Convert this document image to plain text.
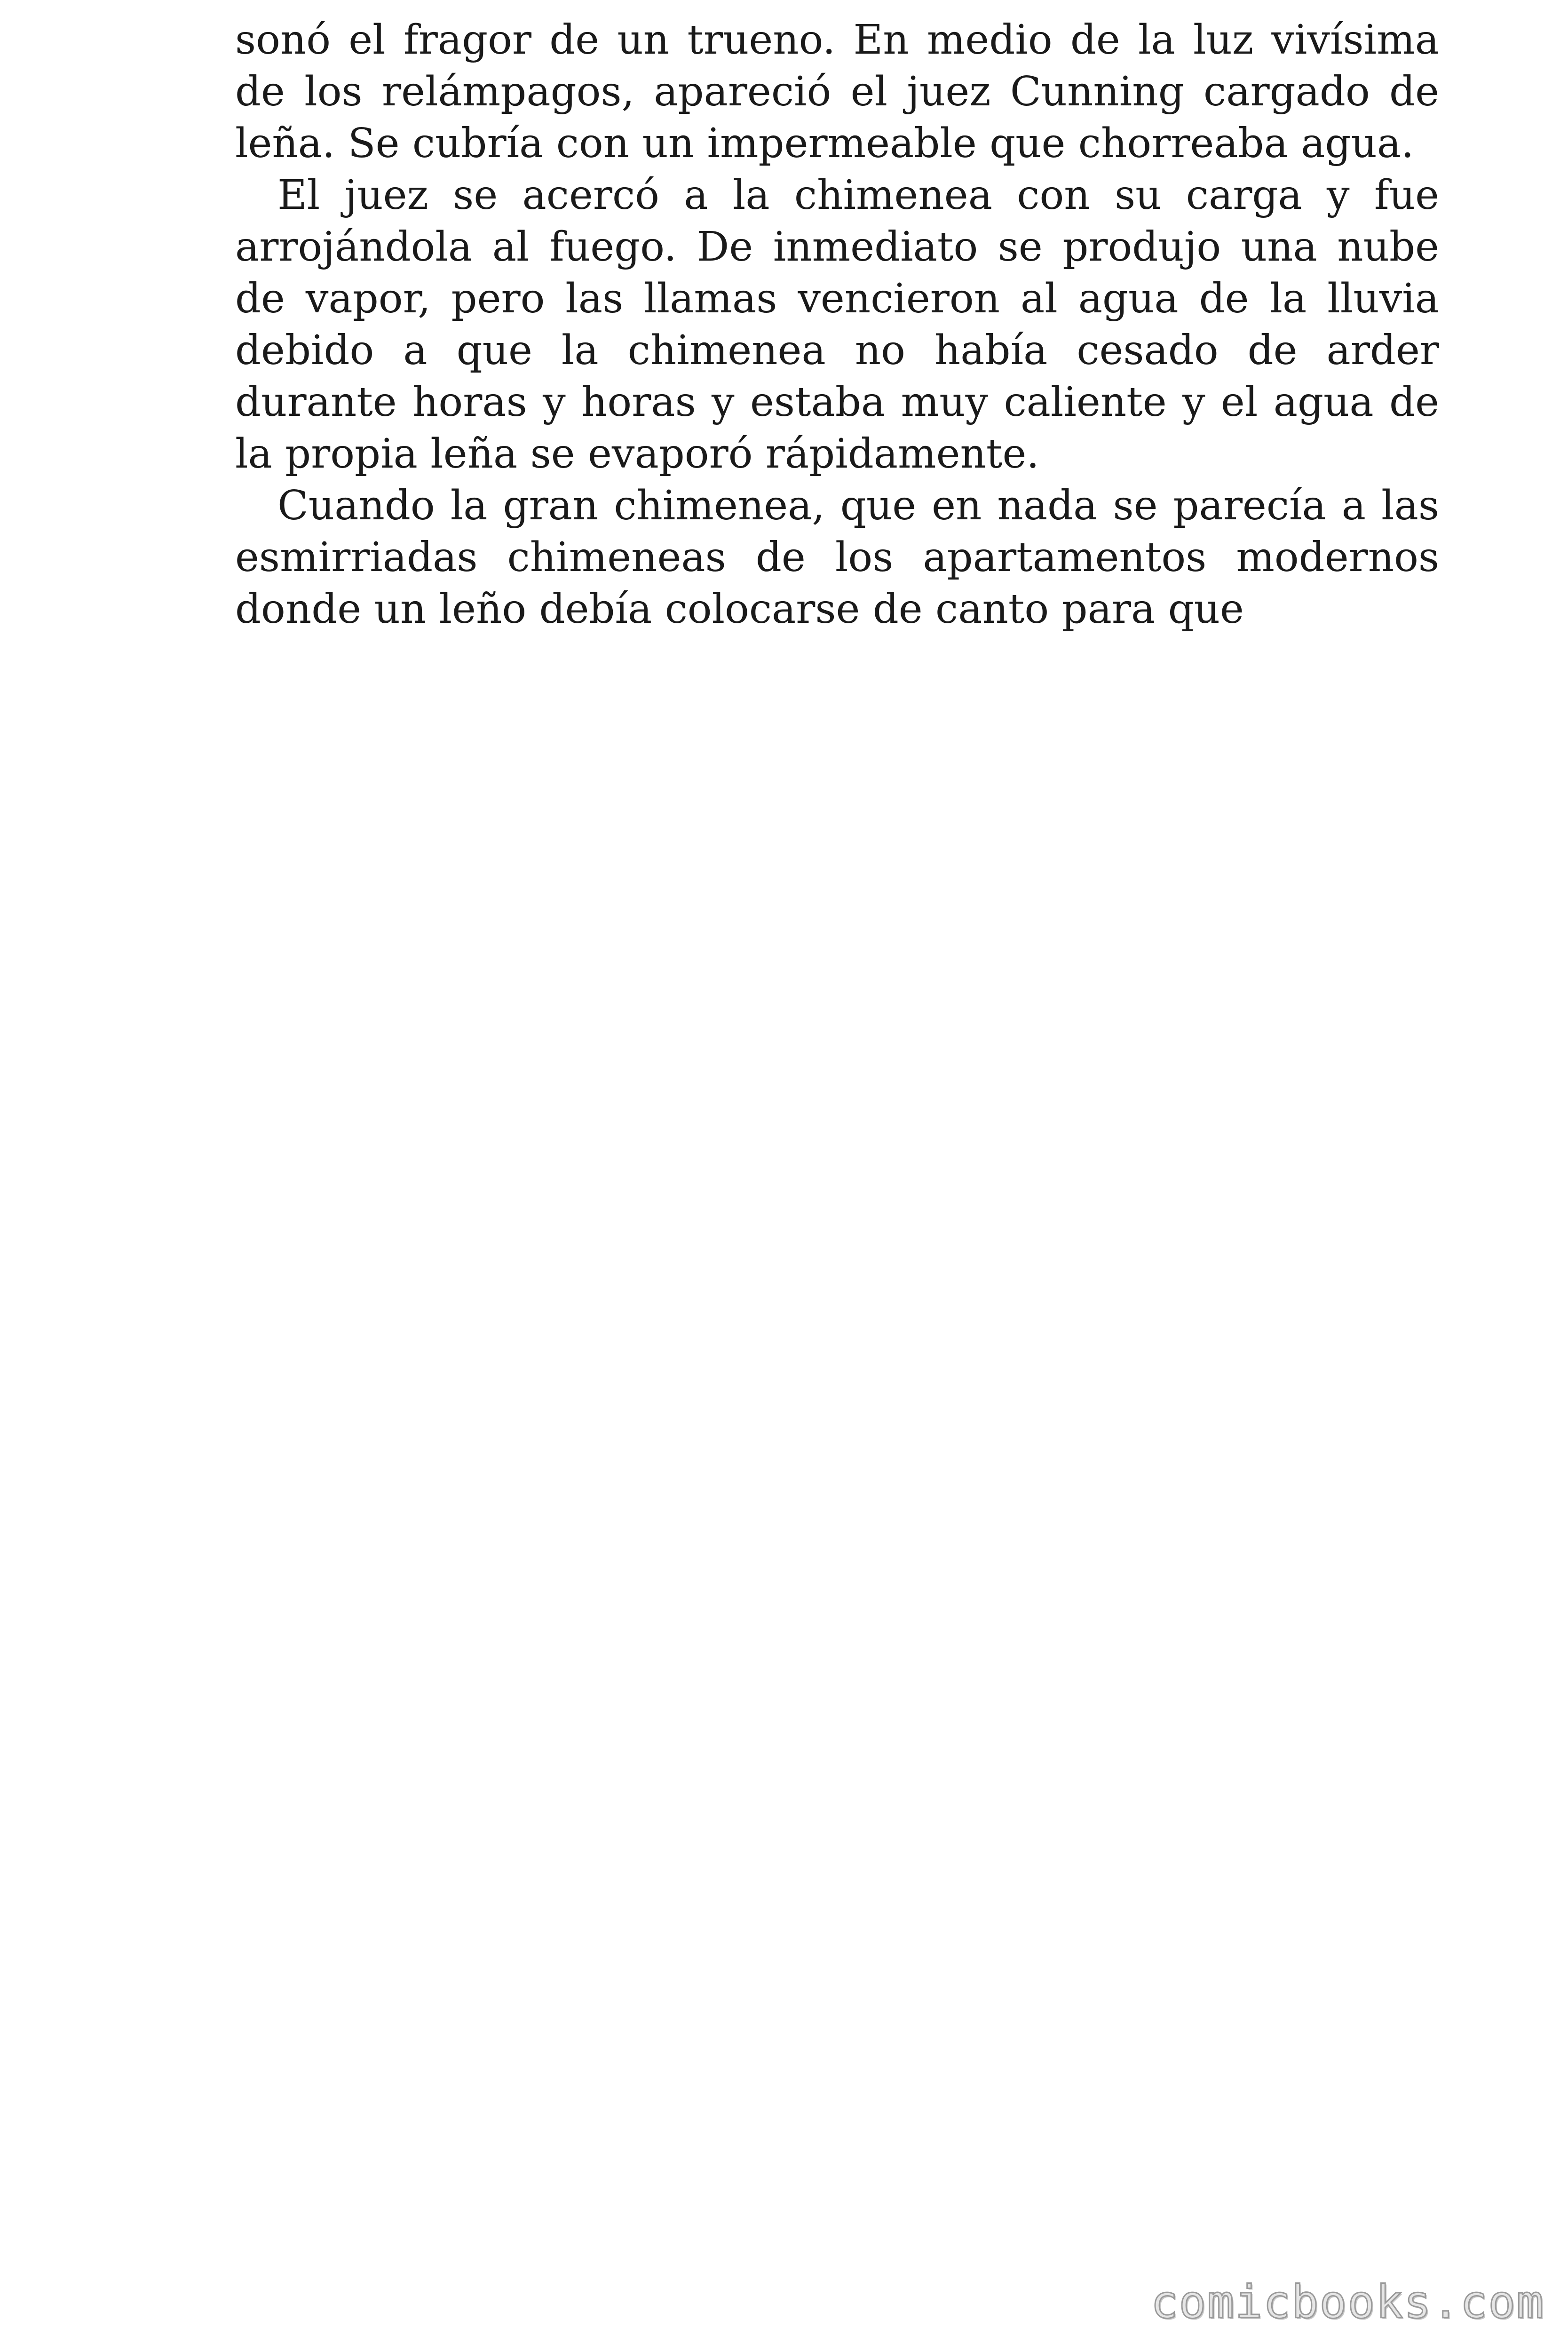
sonó el fragor de un trueno. En medio de la luz vivísima de los relámpagos, apareció el juez Cunning cargado de leña. Se cubría con un impermeable que chorreaba agua.

El juez se acercó a la chimenea con su carga y fue arrojándola al fuego. De inmediato se produjo una nube de vapor, pero las llamas vencieron al agua de la lluvia debido a que la chimenea no había cesado de arder durante horas y horas y estaba muy caliente y el agua de la propia leña se evaporó rápidamente.

Cuando la gran chimenea, que en nada se parecía a las esmirriadas chimeneas de los apartamentos modernos donde un leño debía colocarse de canto para que

comicbooks.com
